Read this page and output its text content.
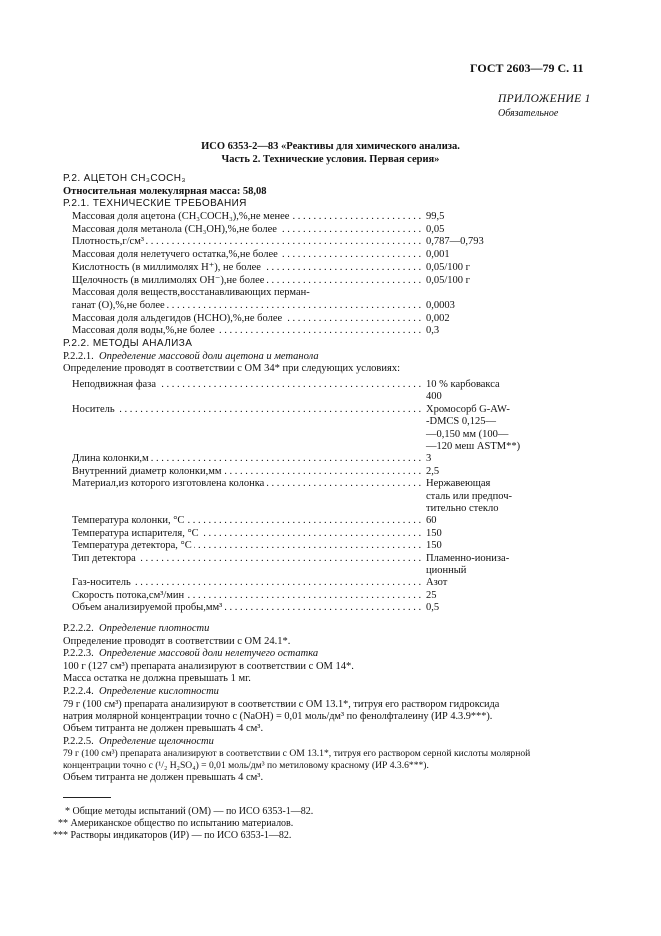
ГОСТ 2603—79 С. 11
ПРИЛОЖЕНИЕ 1
Обязательное
ИСО 6353-2—83 «Реактивы для химического анализа.
Часть 2. Технические условия. Первая серия»
Р.2. АЦЕТОН CH₃COCH₃
Относительная молекулярная масса: 58,08
Р.2.1. ТЕХНИЧЕСКИЕ ТРЕБОВАНИЯ
Массовая доля ацетона (CH₃COCH₃),%,не менее . . .	99,5
Массовая доля метанола (CH₃OH),%,не более . . .	0,05
Плотность,г/см³ . . .	0,787—0,793
Массовая доля нелетучего остатка,%,не более . . .	0,001
Кислотность (в миллимолях H⁺), не более . . .	0,05/100 г
Щелочность (в миллимолях OH⁻),не более . . .	0,05/100 г
Массовая доля веществ,восстанавливающих перман-
ганат (O),%,не более . . .	0,0003
Массовая доля альдегидов (HCHO),%,не более . . .	0,002
Массовая доля воды,%,не более . . .	0,3
Р.2.2. МЕТОДЫ АНАЛИЗА
Р.2.2.1. Определение массовой доли ацетона и метанола
Определение проводят в соответствии с ОМ 34* при следующих условиях:
Неподвижная фаза . . .	10 % карбовакса
400
Носитель . . .	Хромосорб G-AW-
-DMCS 0,125—
—0,150 мм (100—
—120 меш ASTM**)
Длина колонки,м . . .	3
Внутренний диаметр колонки,мм . . .	2,5
Материал,из которого изготовлена колонка . . .	Нержавеющая
сталь или предпоч-
тительно стекло
Температура колонки, °С . . .	60
Температура испарителя, °С . . .	150
Температура детектора, °С . . .	150
Тип детектора . . .	Пламенно-иониза-
ционный
Газ-носитель . . .	Азот
Скорость потока,см³/мин . . .	25
Объем анализируемой пробы,мм³ . . .	0,5
Р.2.2.2. Определение плотности
Определение проводят в соответствии с ОМ 24.1*.
Р.2.2.3. Определение массовой доли нелетучего остатка
100 г (127 см³) препарата анализируют в соответствии с ОМ 14*.
Масса остатка не должна превышать 1 мг.
Р.2.2.4. Определение кислотности
79 г (100 см³) препарата анализируют в соответствии с ОМ 13.1*, титруя его раствором гидроксида
натрия молярной концентрации точно c (NaOH) = 0,01 моль/дм³ по фенолфталеину (ИР 4.3.9***).
Объем титранта не должен превышать 4 см³.
Р.2.2.5. Определение щелочности
79 г (100 см³) препарата анализируют в соответствии с ОМ 13.1*, титруя его раствором серной кислоты молярной
концентрации точно c (¹/₂ H₂SO₄) = 0,01 моль/дм³ по метиловому красному (ИР 4.3.6***).
Объем титранта не должен превышать 4 см³.
* Общие методы испытаний (ОМ) — по ИСО 6353-1—82.
** Американское общество по испытанию материалов.
*** Растворы индикаторов (ИР) — по ИСО 6353-1—82.
